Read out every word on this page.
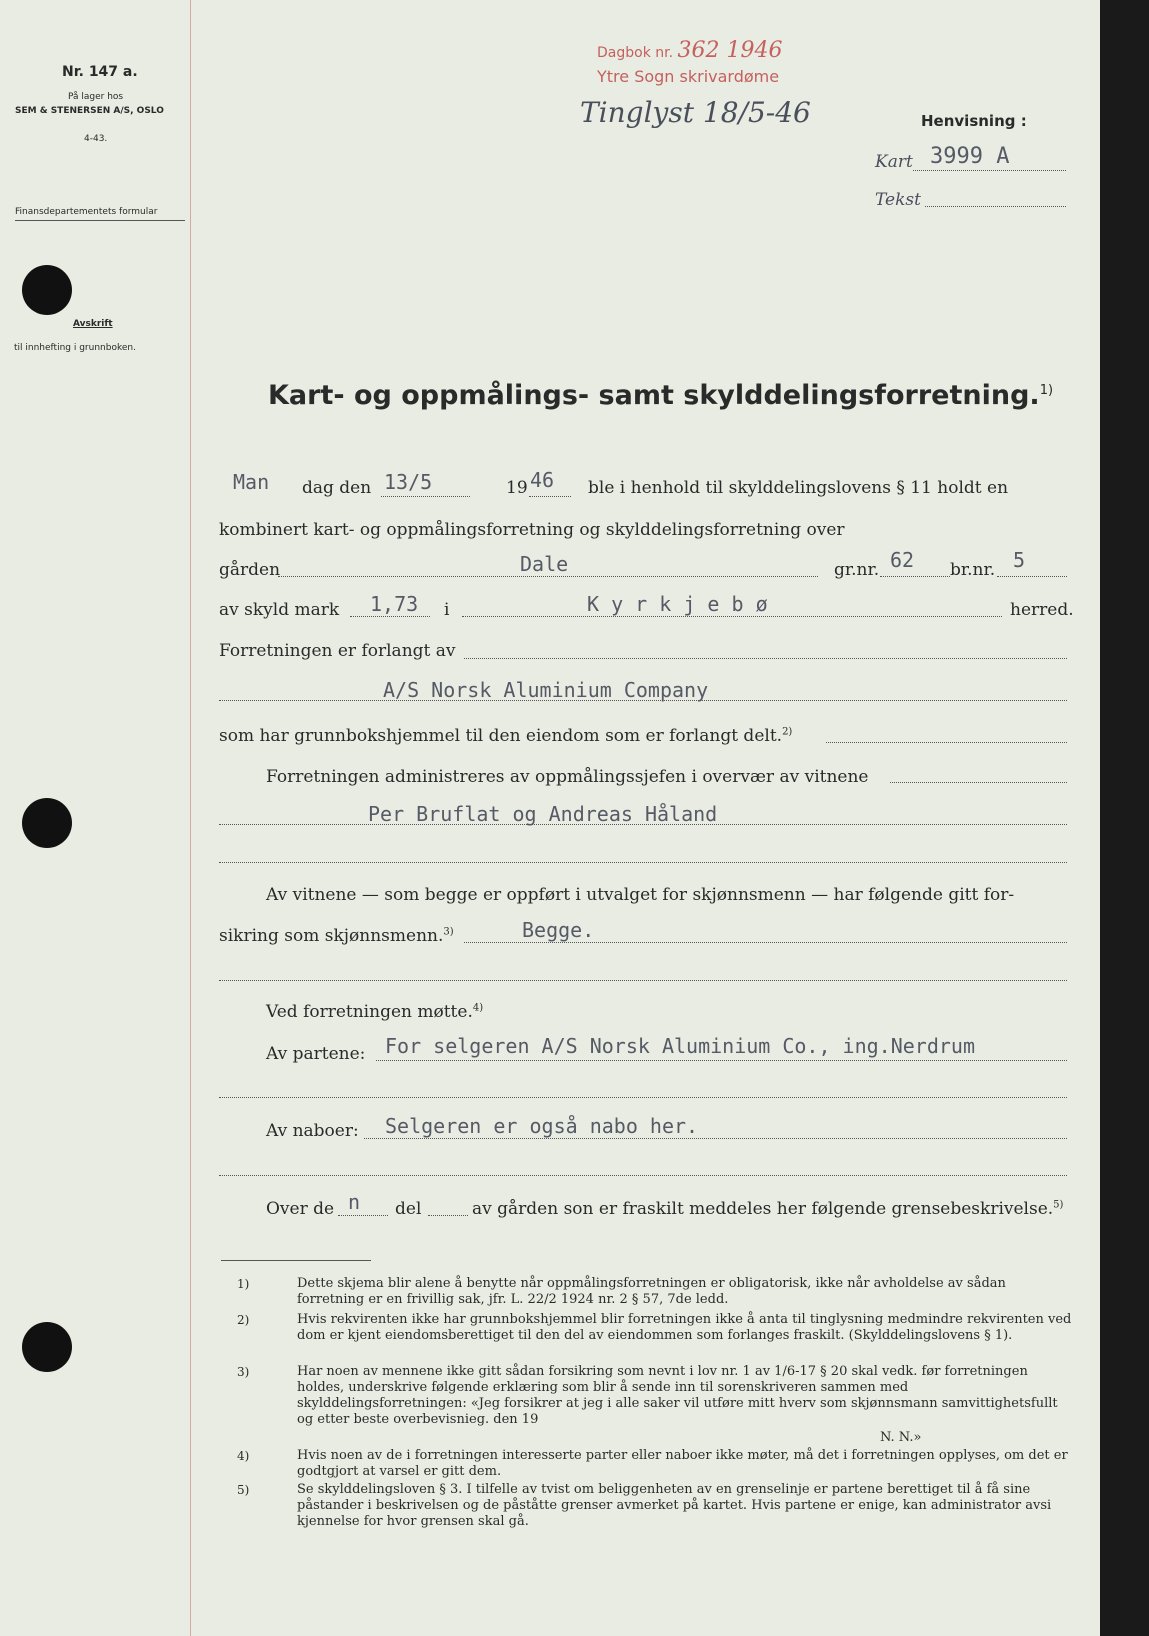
Nr. 147 a.
På lager hos
SEM & STENERSEN A/S, OSLO
4-43.
Finansdepartementets formular
Avskrift
til innhefting i grunnboken.
Dagbok nr. 362 1946
Ytre Sogn skrivardøme
Tinglyst 18/5-46	Henvisning :
Kart 3999 A
Tekst
Kart- og oppmålings- samt skylddelingsforretning.$^{1)}$
Man dag den 13/5	19 46 ble i henhold til skylddelingslovens § 11 holdt en
kombinert kart- og oppmålingsforretning og skylddelingsforretning over
gården	Dale	gr.nr. 62 br.nr. 5
av skyld mark 1,73 i	K y r k j e b ø	herred.
Forretningen er forlangt av
A/S Norsk Aluminium Company
som har grunnbokshjemmel til den eiendom som er forlangt delt.$^{2)}$
Forretningen administreres av oppmålingssjefen i overvær av vitnene
Per Bruflat og Andreas Håland
Av vitnene — som begge er oppført i utvalget for skjønnsmenn — har følgende gitt for-
sikring som skjønnsmenn.$^{3)}$	Begge.
Ved forretningen møtte.$^{4)}$
Av partene: For selgeren A/S Norsk Aluminium Co., ing.Nerdrum
Av naboer: Selgeren er også nabo her.
Over de n del	av gården son er fraskilt meddeles her følgende grensebeskrivelse.$^{5)}$
1)	Dette skjema blir alene å benytte når oppmålingsforretningen er obligatorisk, ikke når avholdelse av sådan forretning er en frivillig sak, jfr. L. 22/2 1924 nr. 2 § 57, 7de ledd.
2)	Hvis rekvirenten ikke har grunnbokshjemmel blir forretningen ikke å anta til tinglysning medmindre rekvirenten ved dom er kjent eiendomsberettiget til den del av eiendommen som forlanges fraskilt. (Skylddelingslovens § 1).
3)	Har noen av mennene ikke gitt sådan forsikring som nevnt i lov nr. 1 av 1/6-17 § 20 skal vedk. før forretningen holdes, underskrive følgende erklæring som blir å sende inn til sorenskriveren sammen med skylddelingsforretningen: «Jeg forsikrer at jeg i alle saker vil utføre mitt hverv som skjønnsmann samvittighetsfullt og etter beste overbevisnieg. den 19
N. N.»
4)	Hvis noen av de i forretningen interesserte parter eller naboer ikke møter, må det i forretningen opplyses, om det er godtgjort at varsel er gitt dem.
5)	Se skylddelingsloven § 3. I tilfelle av tvist om beliggenheten av en grenselinje er partene berettiget til å få sine påstander i beskrivelsen og de påståtte grenser avmerket på kartet. Hvis partene er enige, kan administrator avsi kjennelse for hvor grensen skal gå.
